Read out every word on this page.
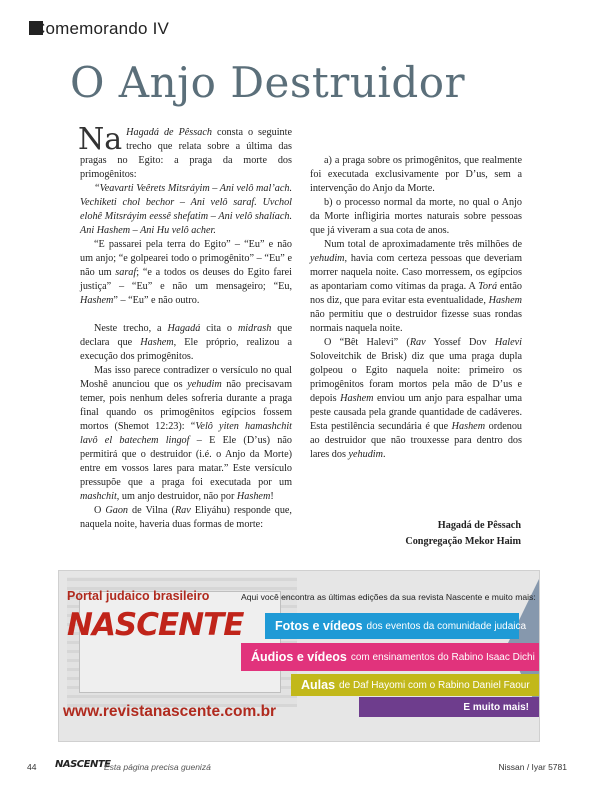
Comemorando IV
O Anjo Destruidor

Na Hagadá de Pêssach consta o seguinte trecho que relata sobre a última das pragas no Egito: a praga da morte dos primogênitos:

“Veavarti Veêrets Mitsráyim – Ani velô mal’ach. Vechiketi chol bechor – Ani velô saraf. Uvchol elohê Mitsráyim eessê shefatim – Ani velô shalíach. Ani Hashem – Ani Hu velô acher.

“E passarei pela terra do Egito” – “Eu” e não um anjo; “e golpearei todo o primogênito” – “Eu” e não um saraf; “e a todos os deuses do Egito farei justiça” – “Eu” e não um mensageiro; “Eu, Hashem” – “Eu” e não outro.

Neste trecho, a Hagadá cita o midrash que declara que Hashem, Ele próprio, realizou a execução dos primogênitos.

Mas isso parece contradizer o versículo no qual Moshê anunciou que os yehudim não precisavam temer, pois nenhum deles sofreria durante a praga final quando os primogênitos egípcios fossem mortos (Shemot 12:23): “Velô yiten hamashchit lavô el batechem lingof – E Ele (D’us) não permitirá que o destruidor (i.é. o Anjo da Morte) entre em vossos lares para matar.” Este versículo pressupõe que a praga foi executada por um mashchit, um anjo destruidor, não por Hashem!

O Gaon de Vilna (Rav Eliyáhu) responde que, naquela noite, haveria duas formas de morte:

a) a praga sobre os primogênitos, que realmente foi executada exclusivamente por D’us, sem a intervenção do Anjo da Morte.

b) o processo normal da morte, no qual o Anjo da Morte infligiria mortes naturais sobre pessoas que já viveram a sua cota de anos.

Num total de aproximadamente três milhões de yehudim, havia com certeza pessoas que deveriam morrer naquela noite. Caso morressem, os egípcios as apontariam como vítimas da praga. A Torá então nos diz, que para evitar esta eventualidade, Hashem não permitiu que o destruidor fizesse suas rondas normais naquela noite.

O “Bêt Halevi” (Rav Yossef Dov Halevi Soloveitchik de Brisk) diz que uma praga dupla golpeou o Egito naquela noite: primeiro os primogênitos foram mortos pela mão de D’us e depois Hashem enviou um anjo para espalhar uma peste causada pela grande quantidade de cadáveres. Esta pestilência secundária é que Hashem ordenou ao destruidor que não trouxesse para dentro dos lares dos yehudim.

Hagadá de Pêssach
Congregação Mekor Haim
Portal judaico brasileiro
NASCENTE
www.revistanascente.com.br
Aqui você encontra as últimas edições da sua revista Nascente e muito mais:
Fotos e vídeos dos eventos da comunidade judaica
Áudios e vídeos com ensinamentos do Rabino Isaac Dichi
Aulas de Daf Hayomi com o Rabino Daniel Faour
E muito mais!
44 NASCENTE
Esta página precisa guenizá	Nissan / Iyar 5781
